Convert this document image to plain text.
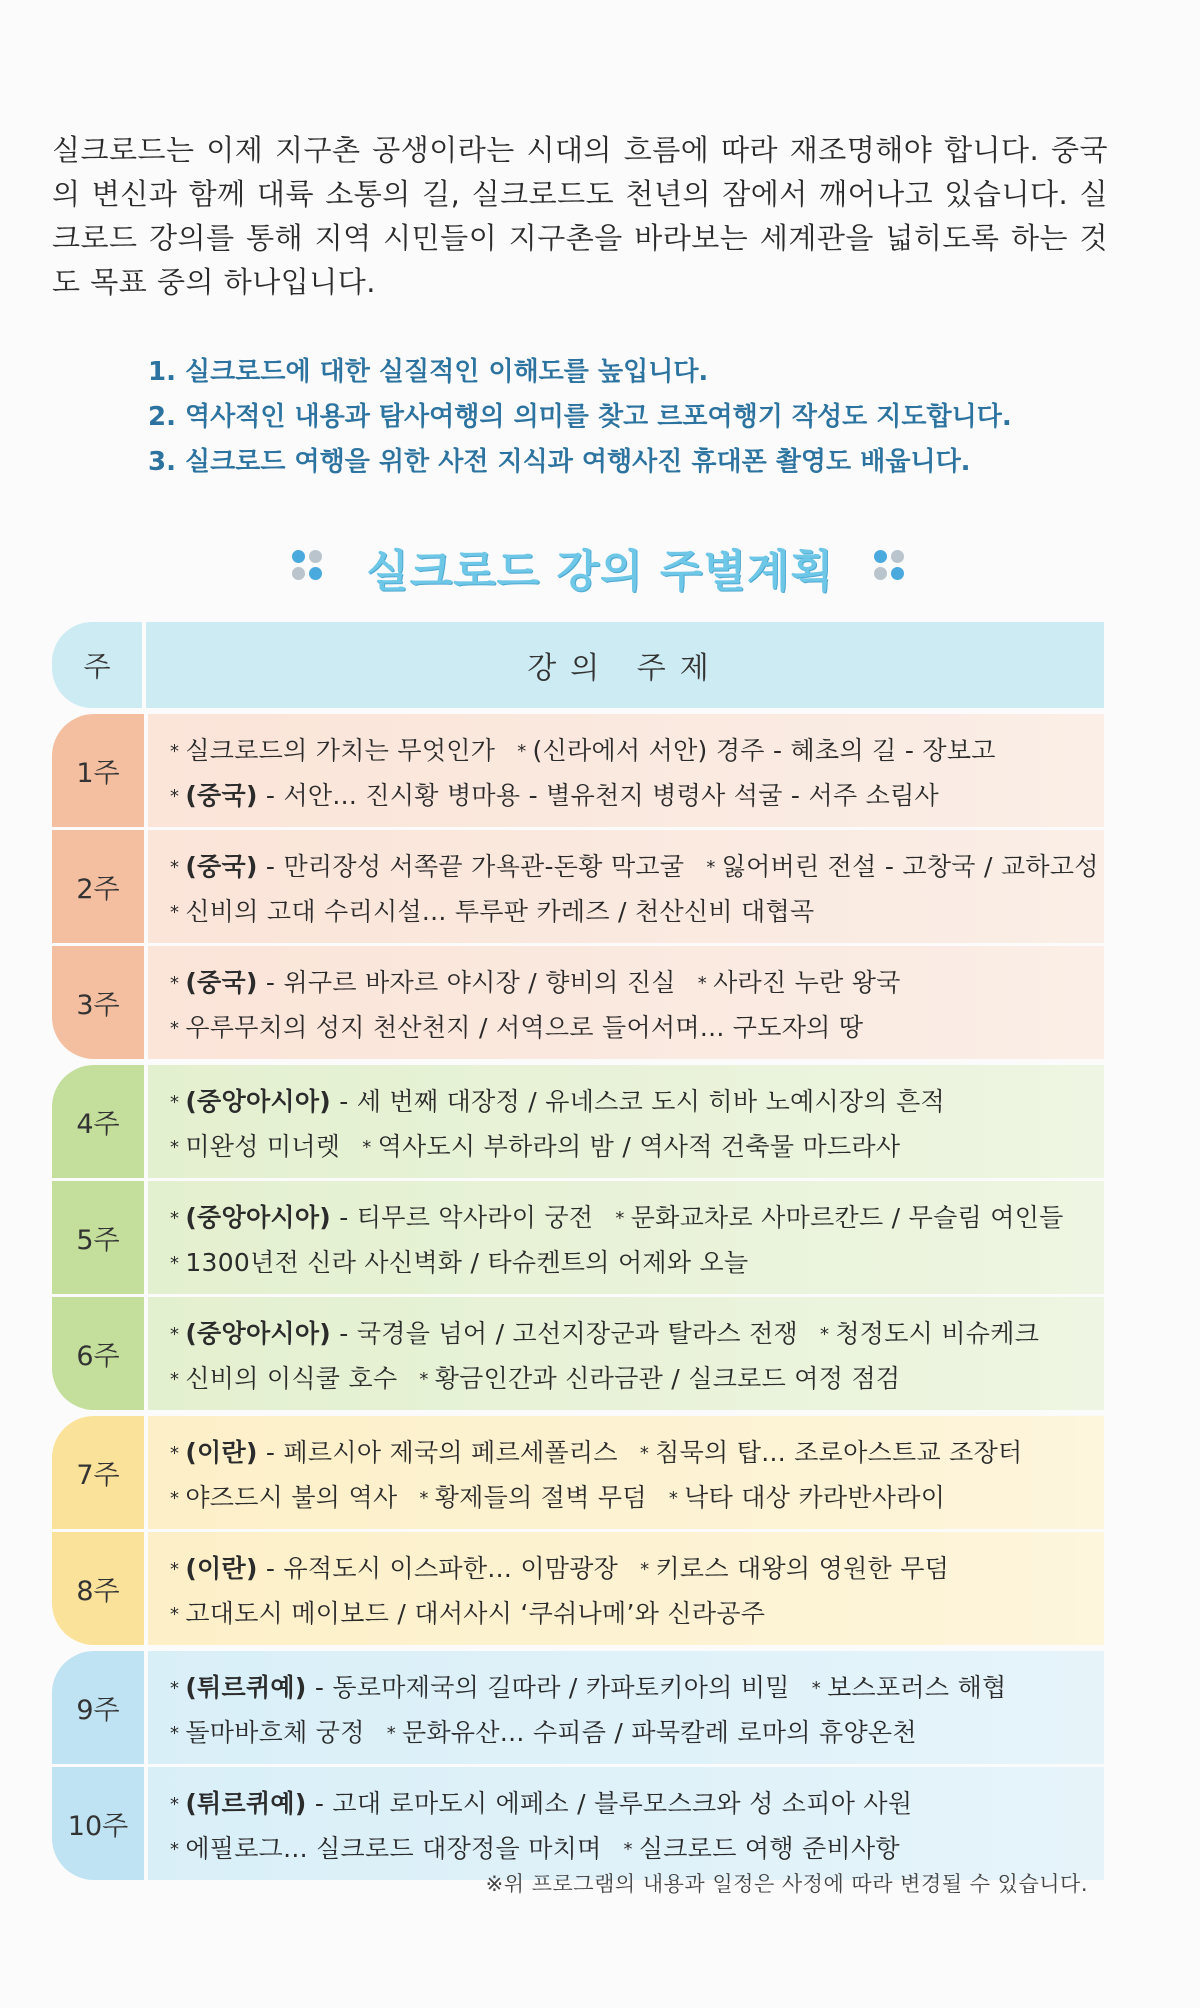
실크로드는 이제 지구촌 공생이라는 시대의 흐름에 따라 재조명해야 합니다. 중국의 변신과 함께 대륙 소통의 길, 실크로드도 천년의 잠에서 깨어나고 있습니다. 실크로드 강의를 통해 지역 시민들이 지구촌을 바라보는 세계관을 넓히도록 하는 것도 목표 중의 하나입니다.

1. 실크로드에 대한 실질적인 이해도를 높입니다.
2. 역사적인 내용과 탐사여행의 의미를 찾고 르포여행기 작성도 지도합니다.
3. 실크로드 여행을 위한 사전 지식과 여행사진 휴대폰 촬영도 배웁니다.
실크로드 강의 주별계획
주	강의 주제
1주
* 실크로드의 가치는 무엇인가 * (신라에서 서안) 경주 - 혜초의 길 - 장보고
* (중국) - 서안... 진시황 병마용 - 별유천지 병령사 석굴 - 서주 소림사
2주
* (중국) - 만리장성 서쪽끝 가욕관-돈황 막고굴 * 잃어버린 전설 - 고창국 / 교하고성
* 신비의 고대 수리시설... 투루판 카레즈 / 천산신비 대협곡
3주
* (중국) - 위구르 바자르 야시장 / 향비의 진실 * 사라진 누란 왕국
* 우루무치의 성지 천산천지 / 서역으로 들어서며... 구도자의 땅
4주
* (중앙아시아) - 세 번째 대장정 / 유네스코 도시 히바 노예시장의 흔적
* 미완성 미너렛 * 역사도시 부하라의 밤 / 역사적 건축물 마드라사
5주
* (중앙아시아) - 티무르 악사라이 궁전 * 문화교차로 사마르칸드 / 무슬림 여인들
* 1300년전 신라 사신벽화 / 타슈켄트의 어제와 오늘
6주
* (중앙아시아) - 국경을 넘어 / 고선지장군과 탈라스 전쟁 * 청정도시 비슈케크
* 신비의 이식쿨 호수 * 황금인간과 신라금관 / 실크로드 여정 점검
7주
* (이란) - 페르시아 제국의 페르세폴리스 * 침묵의 탑... 조로아스트교 조장터
* 야즈드시 불의 역사 * 황제들의 절벽 무덤 * 낙타 대상 카라반사라이
8주
* (이란) - 유적도시 이스파한... 이맘광장 * 키로스 대왕의 영원한 무덤
* 고대도시 메이보드 / 대서사시 ‘쿠쉬나메’와 신라공주
9주
* (튀르퀴예) - 동로마제국의 길따라 / 카파토키아의 비밀 * 보스포러스 해협
* 돌마바흐체 궁정 * 문화유산... 수피즘 / 파묵칼레 로마의 휴양온천
10주
* (튀르퀴예) - 고대 로마도시 에페소 / 블루모스크와 성 소피아 사원
* 에필로그... 실크로드 대장정을 마치며 * 실크로드 여행 준비사항
※위 프로그램의 내용과 일정은 사정에 따라 변경될 수 있습니다.
